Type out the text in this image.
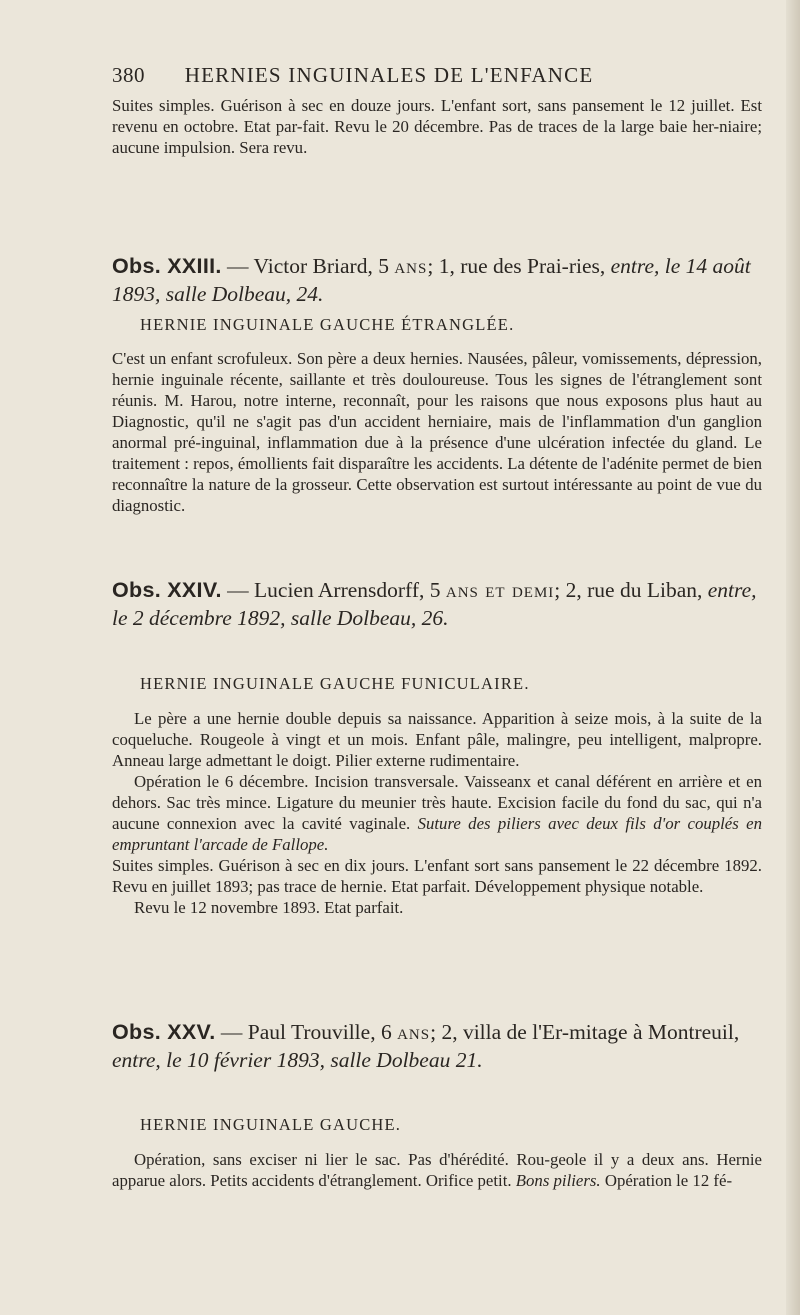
380 HERNIES INGUINALES DE L'ENFANCE

Suites simples. Guérison à sec en douze jours. L'enfant sort, sans pansement le 12 juillet. Est revenu en octobre. Etat par-fait. Revu le 20 décembre. Pas de traces de la large baie her-niaire; aucune impulsion. Sera revu.

Obs. XXIII. — Victor Briard, 5 ans; 1, rue des Prai-ries, entre, le 14 août 1893, salle Dolbeau, 24.
HERNIE INGUINALE GAUCHE ÉTRANGLÉE.

C'est un enfant scrofuleux. Son père a deux hernies. Nausées, pâleur, vomissements, dépression, hernie inguinale récente, saillante et très douloureuse. Tous les signes de l'étranglement sont réunis. M. Harou, notre interne, reconnaît, pour les raisons que nous exposons plus haut au Diagnostic, qu'il ne s'agit pas d'un accident herniaire, mais de l'inflammation d'un ganglion anormal pré-inguinal, inflammation due à la présence d'une ulcération infectée du gland. Le traitement : repos, émollients fait disparaître les accidents. La détente de l'adénite permet de bien reconnaître la nature de la grosseur. Cette observation est surtout intéressante au point de vue du diagnostic.

Obs. XXIV. — Lucien Arrensdorff, 5 ans et demi; 2, rue du Liban, entre, le 2 décembre 1892, salle Dolbeau, 26.
HERNIE INGUINALE GAUCHE FUNICULAIRE.

Le père a une hernie double depuis sa naissance. Apparition à seize mois, à la suite de la coqueluche. Rougeole à vingt et un mois. Enfant pâle, malingre, peu intelligent, malpropre. Anneau large admettant le doigt. Pilier externe rudimentaire.

Opération le 6 décembre. Incision transversale. Vaisseanx et canal déférent en arrière et en dehors. Sac très mince. Ligature du meunier très haute. Excision facile du fond du sac, qui n'a aucune connexion avec la cavité vaginale. Suture des piliers avec deux fils d'or couplés en empruntant l'arcade de Fallope.

Suites simples. Guérison à sec en dix jours. L'enfant sort sans pansement le 22 décembre 1892. Revu en juillet 1893; pas trace de hernie. Etat parfait. Développement physique notable.

Revu le 12 novembre 1893. Etat parfait.

Obs. XXV. — Paul Trouville, 6 ans; 2, villa de l'Er-mitage à Montreuil, entre, le 10 février 1893, salle Dolbeau 21.
HERNIE INGUINALE GAUCHE.

Opération, sans exciser ni lier le sac. Pas d'hérédité. Rou-geole il y a deux ans. Hernie apparue alors. Petits accidents d'étranglement. Orifice petit. Bons piliers. Opération le 12 fé-
